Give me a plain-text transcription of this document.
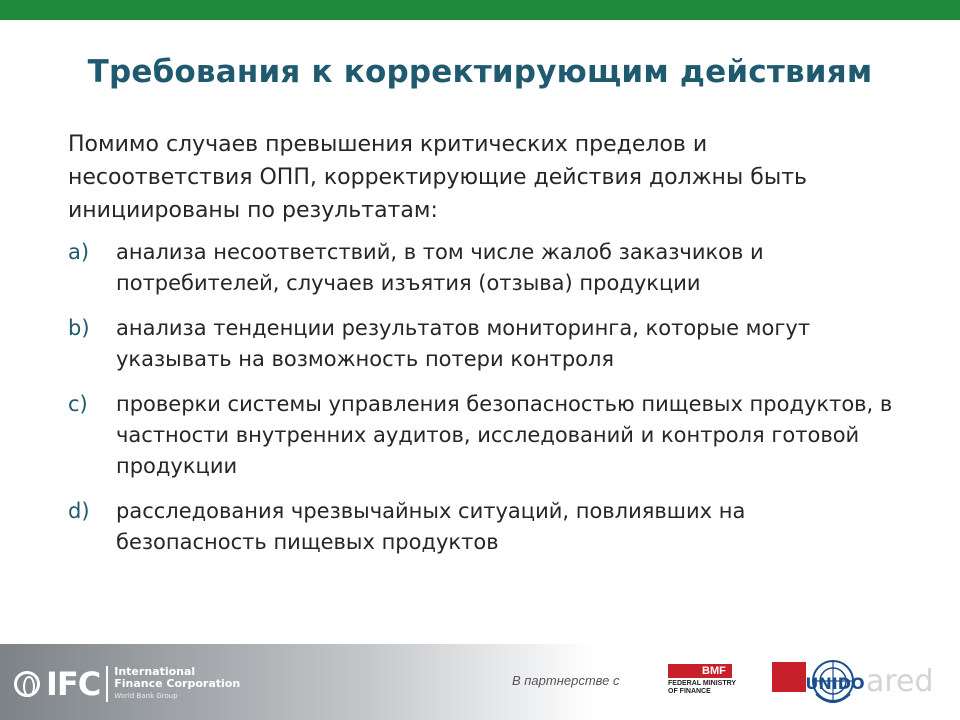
Требования к корректирующим действиям

Помимо случаев превышения критических пределов и несоответствия ОПП, корректирующие действия должны быть инициированы по результатам:

a) анализа несоответствий, в том числе жалоб заказчиков и потребителей, случаев изъятия (отзыва) продукции
b) анализа тенденции результатов мониторинга, которые могут указывать на возможность потери контроля
c) проверки системы управления безопасностью пищевых продуктов, в частности внутренних аудитов, исследований и контроля готовой продукции
d) расследования чрезвычайных ситуаций, повлиявших на безопасность пищевых продуктов
IFC International
Finance Corporation
World Bank Group
В партнерстве с
BMF
FEDERAL MINISTRY
OF FINANCE	UNIDO ared
